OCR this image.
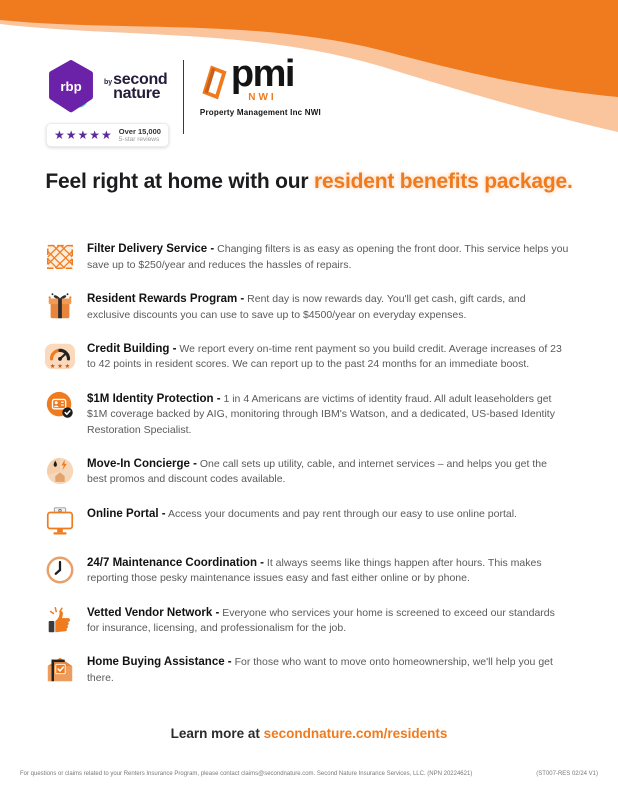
rbp	by second
nature
★★★★★ Over 15,000
5-star reviews
pmi
NWI
Property Management Inc NWI
Feel right at home with our resident benefits package.

Filter Delivery Service - Changing filters is as easy as opening the front door. This service helps you save up to $250/year and reduces the hassles of repairs.

Resident Rewards Program - Rent day is now rewards day. You'll get cash, gift cards, and exclusive discounts you can use to save up to $4500/year on everyday expenses.

★ ★ ★

Credit Building - We report every on-time rent payment so you build credit. Average increases of 23 to 42 points in resident scores. We can report up to the past 24 months for an immediate boost.

$1M Identity Protection - 1 in 4 Americans are victims of identity fraud. All adult leaseholders get $1M coverage backed by AIG, monitoring through IBM's Watson, and a dedicated, US-based Identity Restoration Specialist.

Move-In Concierge - One call sets up utility, cable, and internet services – and helps you get the best promos and discount codes available.

Online Portal - Access your documents and pay rent through our easy to use online portal.

24/7 Maintenance Coordination - It always seems like things happen after hours. This makes reporting those pesky maintenance issues easy and fast either online or by phone.

Vetted Vendor Network - Everyone who services your home is screened to exceed our standards for insurance, licensing, and professionalism for the job.

Home Buying Assistance - For those who want to move onto homeownership, we'll help you get there.

Learn more at secondnature.com/residents
For questions or claims related to your Renters Insurance Program, please contact claims@secondnature.com. Second Nature Insurance Services, LLC. (NPN 20224621)	(ST007-RES 02/24 V1)
